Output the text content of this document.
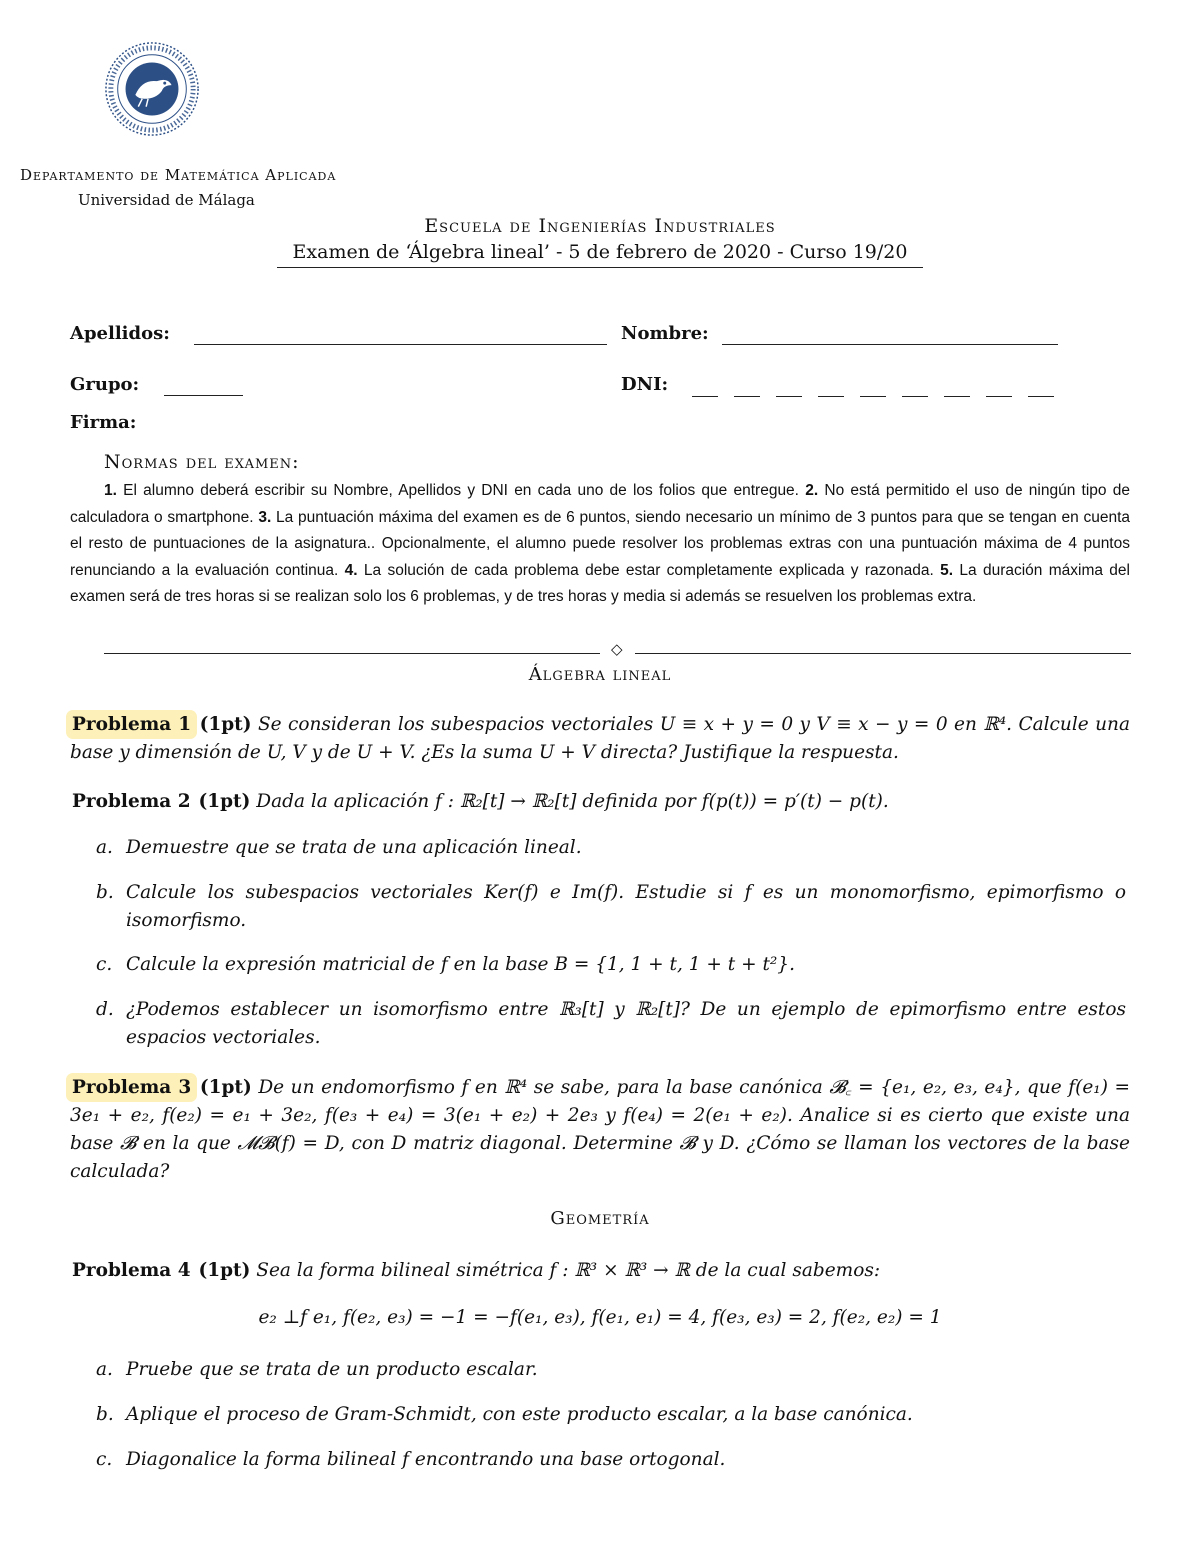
Departamento de Matemática Aplicada
Universidad de Málaga
Escuela de Ingenierías Industriales
Examen de ‘Álgebra lineal’ - 5 de febrero de 2020 - Curso 19/20
Apellidos:	Nombre:
Grupo:	DNI:
Firma:
Normas del examen:
1. El alumno deberá escribir su Nombre, Apellidos y DNI en cada uno de los folios que entregue. 2. No está permitido el uso de ningún tipo de calculadora o smartphone. 3. La puntuación máxima del examen es de 6 puntos, siendo necesario un mínimo de 3 puntos para que se tengan en cuenta el resto de puntuaciones de la asignatura.. Opcionalmente, el alumno puede resolver los problemas extras con una puntuación máxima de 4 puntos renunciando a la evaluación continua. 4. La solución de cada problema debe estar completamente explicada y razonada. 5. La duración máxima del examen será de tres horas si se realizan solo los 6 problemas, y de tres horas y media si además se resuelven los problemas extra.
◇
Álgebra lineal
Problema 1 (1pt) Se consideran los subespacios vectoriales U ≡ x + y = 0 y V ≡ x − y = 0 en ℝ⁴. Calcule una base y dimensión de U, V y de U + V. ¿Es la suma U + V directa? Justifique la respuesta.
Problema 2 (1pt) Dada la aplicación f : ℝ₂[t] → ℝ₂[t] definida por f(p(t)) = p′(t) − p(t).
a. Demuestre que se trata de una aplicación lineal.
b. Calcule los subespacios vectoriales Ker(f) e Im(f). Estudie si f es un monomorfismo, epimorfismo o isomorfismo.
c. Calcule la expresión matricial de f en la base B = {1, 1 + t, 1 + t + t²}.
d. ¿Podemos establecer un isomorfismo entre ℝ₃[t] y ℝ₂[t]? De un ejemplo de epimorfismo entre estos espacios vectoriales.
Problema 3 (1pt) De un endomorfismo f en ℝ⁴ se sabe, para la base canónica 𝓑꜀ = {e₁, e₂, e₃, e₄}, que f(e₁) = 3e₁ + e₂, f(e₂) = e₁ + 3e₂, f(e₃ + e₄) = 3(e₁ + e₂) + 2e₃ y f(e₄) = 2(e₁ + e₂). Analice si es cierto que existe una base 𝓑 en la que 𝓜𝓑(f) = D, con D matriz diagonal. Determine 𝓑 y D. ¿Cómo se llaman los vectores de la base calculada?
Geometría
Problema 4 (1pt) Sea la forma bilineal simétrica f : ℝ³ × ℝ³ → ℝ de la cual sabemos:
e₂ ⊥𝑓 e₁, f(e₂, e₃) = −1 = −f(e₁, e₃), f(e₁, e₁) = 4, f(e₃, e₃) = 2, f(e₂, e₂) = 1
a. Pruebe que se trata de un producto escalar.
b. Aplique el proceso de Gram-Schmidt, con este producto escalar, a la base canónica.
c. Diagonalice la forma bilineal f encontrando una base ortogonal.
